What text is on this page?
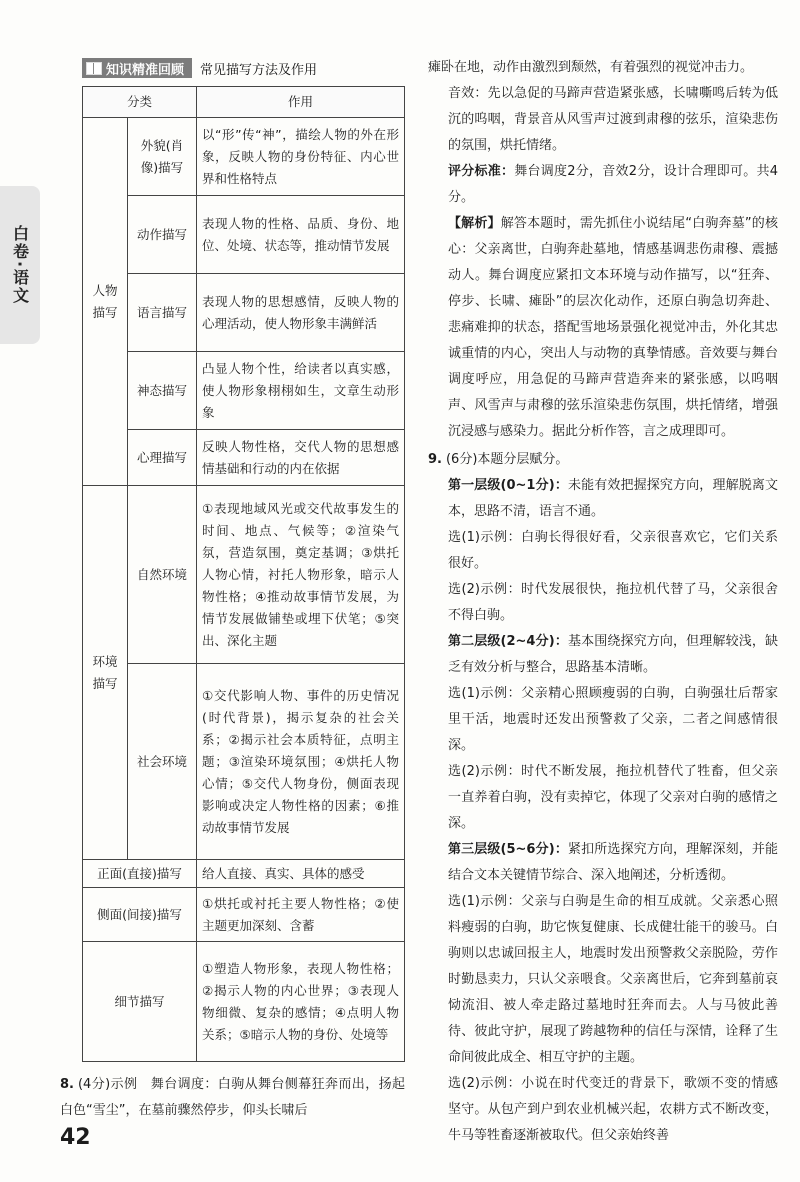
白卷·语文
知识精准回顾 常见描写方法及作用
分类		作用
人物描写	外貌(肖像)描写	以“形”传“神”，描绘人物的外在形象，反映人物的身份特征、内心世界和性格特点
	动作描写	表现人物的性格、品质、身份、地位、处境、状态等，推动情节发展
	语言描写	表现人物的思想感情，反映人物的心理活动，使人物形象丰满鲜活
	神态描写	凸显人物个性，给读者以真实感，使人物形象栩栩如生，文章生动形象
	心理描写	反映人物性格，交代人物的思想感情基础和行动的内在依据
环境描写	自然环境	①表现地域风光或交代故事发生的时间、地点、气候等；②渲染气氛，营造氛围，奠定基调；③烘托人物心情，衬托人物形象，暗示人物性格；④推动故事情节发展，为情节发展做铺垫或埋下伏笔；⑤突出、深化主题
	社会环境	①交代影响人物、事件的历史情况(时代背景)，揭示复杂的社会关系；②揭示社会本质特征，点明主题；③渲染环境氛围；④烘托人物心情；⑤交代人物身份，侧面表现影响或决定人物性格的因素；⑥推动故事情节发展
正面(直接)描写		给人直接、真实、具体的感受
侧面(间接)描写		①烘托或衬托主要人物性格；②使主题更加深刻、含蓄
细节描写		①塑造人物形象，表现人物性格；②揭示人物的内心世界；③表现人物细微、复杂的感情；④点明人物关系；⑤暗示人物的身份、处境等

8. (4分)示例　舞台调度：白驹从舞台侧幕狂奔而出，扬起白色“雪尘”，在墓前骤然停步，仰头长啸后

42

瘫卧在地，动作由激烈到颓然，有着强烈的视觉冲击力。

音效：先以急促的马蹄声营造紧张感，长啸嘶鸣后转为低沉的呜咽，背景音从风雪声过渡到肃穆的弦乐，渲染悲伤的氛围，烘托情绪。

评分标准：舞台调度2分，音效2分，设计合理即可。共4分。

【解析】解答本题时，需先抓住小说结尾“白驹奔墓”的核心：父亲离世，白驹奔赴墓地，情感基调悲伤肃穆、震撼动人。舞台调度应紧扣文本环境与动作描写，以“狂奔、停步、长啸、瘫卧”的层次化动作，还原白驹急切奔赴、悲痛难抑的状态，搭配雪地场景强化视觉冲击，外化其忠诚重情的内心，突出人与动物的真挚情感。音效要与舞台调度呼应，用急促的马蹄声营造奔来的紧张感，以呜咽声、风雪声与肃穆的弦乐渲染悲伤氛围，烘托情绪，增强沉浸感与感染力。据此分析作答，言之成理即可。

9. (6分)本题分层赋分。

第一层级(0~1分)：未能有效把握探究方向，理解脱离文本，思路不清，语言不通。

选(1)示例：白驹长得很好看，父亲很喜欢它，它们关系很好。

选(2)示例：时代发展很快，拖拉机代替了马，父亲很舍不得白驹。

第二层级(2~4分)：基本围绕探究方向，但理解较浅，缺乏有效分析与整合，思路基本清晰。

选(1)示例：父亲精心照顾瘦弱的白驹，白驹强壮后帮家里干活，地震时还发出预警救了父亲，二者之间感情很深。

选(2)示例：时代不断发展，拖拉机替代了牲畜，但父亲一直养着白驹，没有卖掉它，体现了父亲对白驹的感情之深。

第三层级(5~6分)：紧扣所选探究方向，理解深刻，并能结合文本关键情节综合、深入地阐述，分析透彻。

选(1)示例：父亲与白驹是生命的相互成就。父亲悉心照料瘦弱的白驹，助它恢复健康、长成健壮能干的骏马。白驹则以忠诚回报主人，地震时发出预警救父亲脱险，劳作时勤恳卖力，只认父亲喂食。父亲离世后，它奔到墓前哀恸流泪、被人牵走路过墓地时狂奔而去。人与马彼此善待、彼此守护，展现了跨越物种的信任与深情，诠释了生命间彼此成全、相互守护的主题。

选(2)示例：小说在时代变迁的背景下，歌颂不变的情感坚守。从包产到户到农业机械兴起，农耕方式不断改变，牛马等牲畜逐渐被取代。但父亲始终善
